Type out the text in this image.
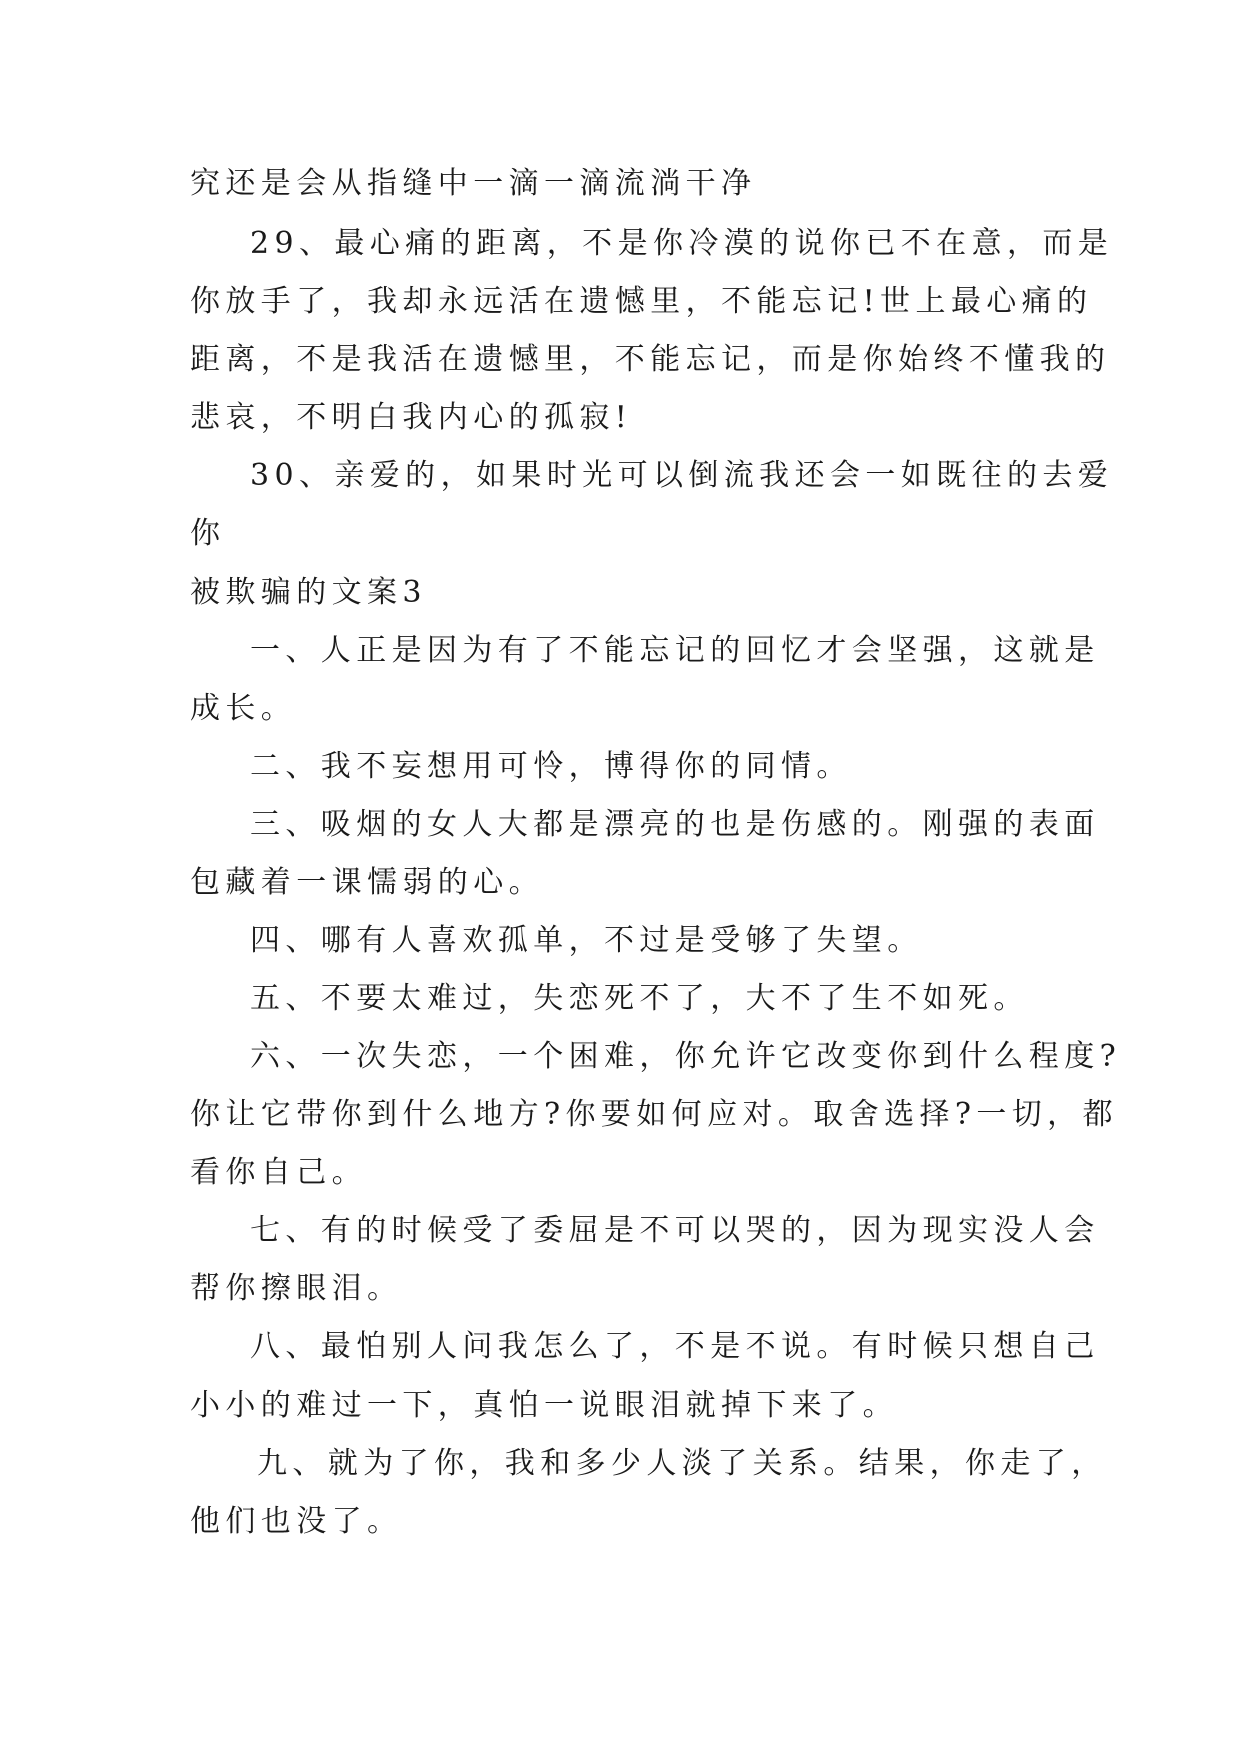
究还是会从指缝中一滴一滴流淌干净
29、最心痛的距离，不是你冷漠的说你已不在意，而是
你放手了，我却永远活在遗憾里，不能忘记!世上最心痛的
距离，不是我活在遗憾里，不能忘记，而是你始终不懂我的
悲哀，不明白我内心的孤寂!
30、亲爱的，如果时光可以倒流我还会一如既往的去爱
你
被欺骗的文案3
一、人正是因为有了不能忘记的回忆才会坚强，这就是
成长。
二、我不妄想用可怜，博得你的同情。
三、吸烟的女人大都是漂亮的也是伤感的。刚强的表面
包藏着一课懦弱的心。
四、哪有人喜欢孤单，不过是受够了失望。
五、不要太难过，失恋死不了，大不了生不如死。
六、一次失恋，一个困难，你允许它改变你到什么程度?
你让它带你到什么地方?你要如何应对。取舍选择?一切，都
看你自己。
七、有的时候受了委屈是不可以哭的，因为现实没人会
帮你擦眼泪。
八、最怕别人问我怎么了，不是不说。有时候只想自己
小小的难过一下，真怕一说眼泪就掉下来了。
九、就为了你，我和多少人淡了关系。结果，你走了，
他们也没了。
